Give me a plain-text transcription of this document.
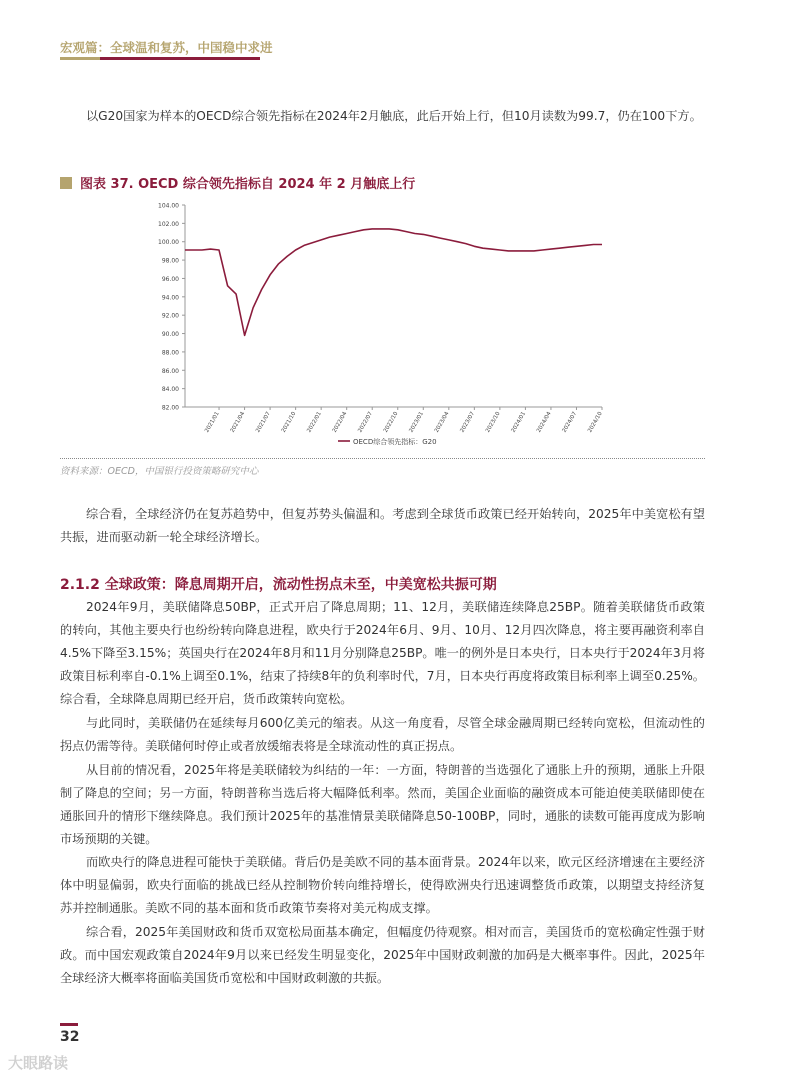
宏观篇：全球温和复苏，中国稳中求进

以G20国家为样本的OECD综合领先指标在2024年2月触底，此后开始上行，但10月读数为99.7，仍在100下方。

图表 37. OECD 综合领先指标自 2024 年 2 月触底上行
104.00
102.00
100.00
98.00
96.00
94.00
92.00
90.00
88.00
86.00
84.00
82.00
2021/01 2021/04 2021/07 2021/10 2022/01 2022/04 2022/07 2022/10 2023/01 2023/04 2023/07 2023/10 2024/01 2024/04 2024/07 2024/10
OECD综合领先指标：G20
资料来源：OECD，中国银行投资策略研究中心

综合看，全球经济仍在复苏趋势中，但复苏势头偏温和。考虑到全球货币政策已经开始转向，2025年中美宽松有望共振，进而驱动新一轮全球经济增长。

2.1.2 全球政策：降息周期开启，流动性拐点未至，中美宽松共振可期

2024年9月，美联储降息50BP，正式开启了降息周期；11、12月，美联储连续降息25BP。随着美联储货币政策的转向，其他主要央行也纷纷转向降息进程，欧央行于2024年6月、9月、10月、12月四次降息，将主要再融资利率自4.5%下降至3.15%；英国央行在2024年8月和11月分别降息25BP。唯一的例外是日本央行，日本央行于2024年3月将政策目标利率自-0.1%上调至0.1%，结束了持续8年的负利率时代，7月，日本央行再度将政策目标利率上调至0.25%。综合看，全球降息周期已经开启，货币政策转向宽松。

与此同时，美联储仍在延续每月600亿美元的缩表。从这一角度看，尽管全球金融周期已经转向宽松，但流动性的拐点仍需等待。美联储何时停止或者放缓缩表将是全球流动性的真正拐点。

从目前的情况看，2025年将是美联储较为纠结的一年：一方面，特朗普的当选强化了通胀上升的预期，通胀上升限制了降息的空间；另一方面，特朗普称当选后将大幅降低利率。然而，美国企业面临的融资成本可能迫使美联储即使在通胀回升的情形下继续降息。我们预计2025年的基准情景美联储降息50-100BP，同时，通胀的读数可能再度成为影响市场预期的关键。

而欧央行的降息进程可能快于美联储。背后仍是美欧不同的基本面背景。2024年以来，欧元区经济增速在主要经济体中明显偏弱，欧央行面临的挑战已经从控制物价转向维持增长，使得欧洲央行迅速调整货币政策，以期望支持经济复苏并控制通胀。美欧不同的基本面和货币政策节奏将对美元构成支撑。

综合看，2025年美国财政和货币双宽松局面基本确定，但幅度仍待观察。相对而言，美国货币的宽松确定性强于财政。而中国宏观政策自2024年9月以来已经发生明显变化，2025年中国财政刺激的加码是大概率事件。因此，2025年全球经济大概率将面临美国货币宽松和中国财政刺激的共振。

32
大眼路读
